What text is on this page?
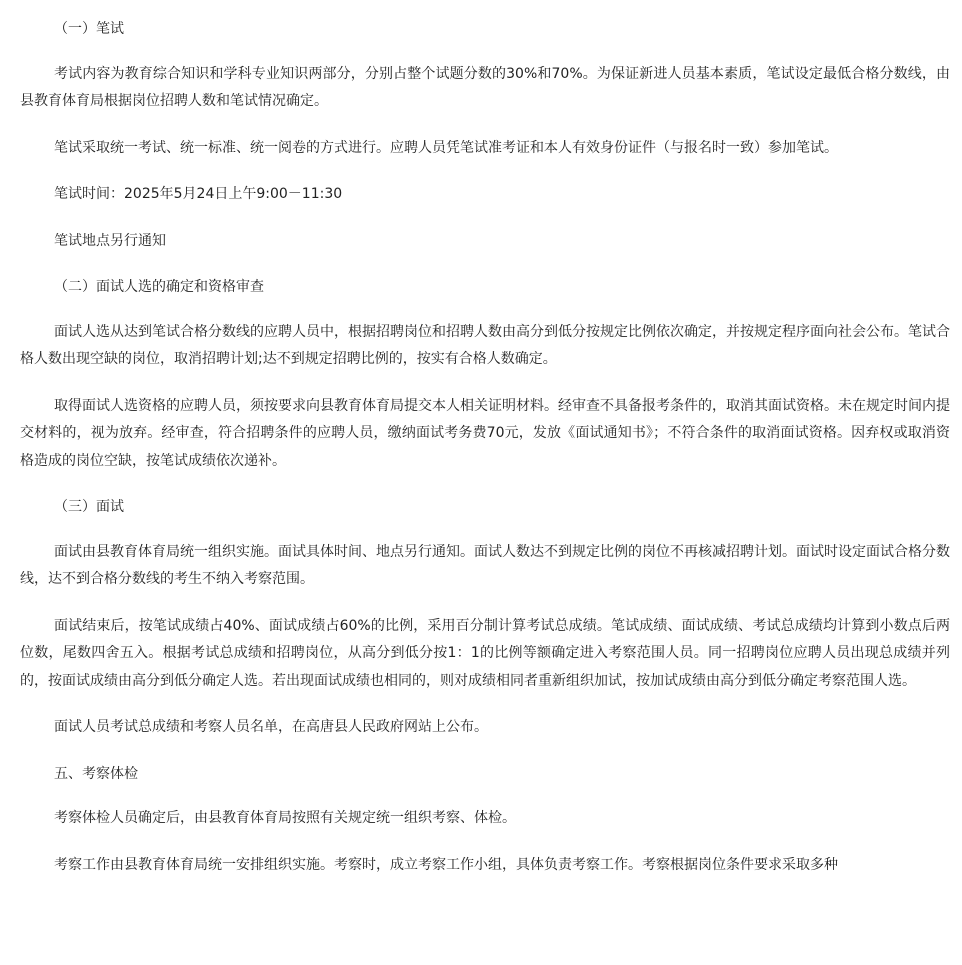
（一）笔试

考试内容为教育综合知识和学科专业知识两部分，分别占整个试题分数的30%和70%。为保证新进人员基本素质，笔试设定最低合格分数线，由县教育体育局根据岗位招聘人数和笔试情况确定。

笔试采取统一考试、统一标准、统一阅卷的方式进行。应聘人员凭笔试准考证和本人有效身份证件（与报名时一致）参加笔试。

笔试时间：2025年5月24日上午9:00－11:30

笔试地点另行通知

（二）面试人选的确定和资格审查

面试人选从达到笔试合格分数线的应聘人员中，根据招聘岗位和招聘人数由高分到低分按规定比例依次确定，并按规定程序面向社会公布。笔试合格人数出现空缺的岗位，取消招聘计划;达不到规定招聘比例的，按实有合格人数确定。

取得面试人选资格的应聘人员，须按要求向县教育体育局提交本人相关证明材料。经审查不具备报考条件的，取消其面试资格。未在规定时间内提交材料的，视为放弃。经审查，符合招聘条件的应聘人员，缴纳面试考务费70元，发放《面试通知书》；不符合条件的取消面试资格。因弃权或取消资格造成的岗位空缺，按笔试成绩依次递补。

（三）面试

面试由县教育体育局统一组织实施。面试具体时间、地点另行通知。面试人数达不到规定比例的岗位不再核减招聘计划。面试时设定面试合格分数线，达不到合格分数线的考生不纳入考察范围。

面试结束后，按笔试成绩占40%、面试成绩占60%的比例，采用百分制计算考试总成绩。笔试成绩、面试成绩、考试总成绩均计算到小数点后两位数，尾数四舍五入。根据考试总成绩和招聘岗位，从高分到低分按1：1的比例等额确定进入考察范围人员。同一招聘岗位应聘人员出现总成绩并列的，按面试成绩由高分到低分确定人选。若出现面试成绩也相同的，则对成绩相同者重新组织加试，按加试成绩由高分到低分确定考察范围人选。

面试人员考试总成绩和考察人员名单，在高唐县人民政府网站上公布。

五、考察体检

考察体检人员确定后，由县教育体育局按照有关规定统一组织考察、体检。

考察工作由县教育体育局统一安排组织实施。考察时，成立考察工作小组，具体负责考察工作。考察根据岗位条件要求采取多种
